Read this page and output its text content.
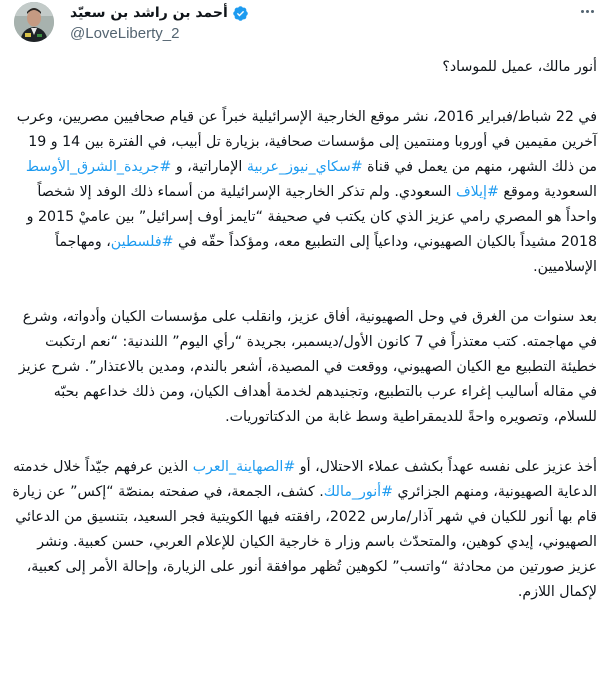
أحمد بن راشد بن سعيّد
@LoveLiberty_2

أنور مالك، عميل للموساد؟

في 22 شباط/فبراير 2016، نشر موقع الخارجية الإسرائيلية خبراً عن قيام صحافيين مصريين، وعرب آخرين مقيمين في أوروبا ومنتمين إلى مؤسسات صحافية، بزيارة تل أبيب، في الفترة بين 14 و 19 من ذلك الشهر، منهم من يعمل في قناة #سكاي_نيوز_عربية الإماراتية، و #جريدة_الشرق_الأوسط السعودية وموقع #إيلاف السعودي. ولم تذكر الخارجية الإسرائيلية من أسماء ذلك الوفد إلا شخصاً واحداً هو المصري رامي عزيز الذي كان يكتب في صحيفة “تايمز أوف إسرائيل” بين عاميْ 2015 و 2018 مشيداً بالكيان الصهيوني، وداعياً إلى التطبيع معه، ومؤكداً حقّه في #فلسطين، ومهاجماً الإسلاميين.

بعد سنوات من الغرق في وحل الصهيونية، أفاق عزيز، وانقلب على مؤسسات الكيان وأدواته، وشرع في مهاجمته. كتب معتذراً في 7 كانون الأول/ديسمبر، بجريدة “رأي اليوم” اللندنية: “نعم ارتكبت خطيئة التطبيع مع الكيان الصهيوني، ووقعت في المصيدة، أشعر بالندم، ومدين بالاعتذار”. شرح عزيز في مقاله أساليب إغراء عرب بالتطبيع، وتجنيدهم لخدمة أهداف الكيان، ومن ذلك خداعهم بحبّه للسلام، وتصويره واحةً للديمقراطية وسط غابة من الدكتاتوريات.

أخذ عزيز على نفسه عهداً بكشف عملاء الاحتلال، أو #الصهاينة_العرب الذين عرفهم جيّداً خلال خدمته الدعاية الصهيونية، ومنهم الجزائري #أنور_مالك. كشف، الجمعة، في صفحته بمنصّة “إكس” عن زيارة قام بها أنور للكيان في شهر آذار/مارس 2022، رافقته فيها الكويتية فجر السعيد، بتنسيق من الدعائي الصهيوني، إيدي كوهين، والمتحدّث باسم وزار ة خارجية الكيان للإعلام العربي، حسن كعبية. ونشر عزيز صورتين من محادثة “واتسب” لكوهين تُظهر موافقة أنور على الزيارة، وإحالة الأمر إلى كعبية، لإكمال اللازم.
